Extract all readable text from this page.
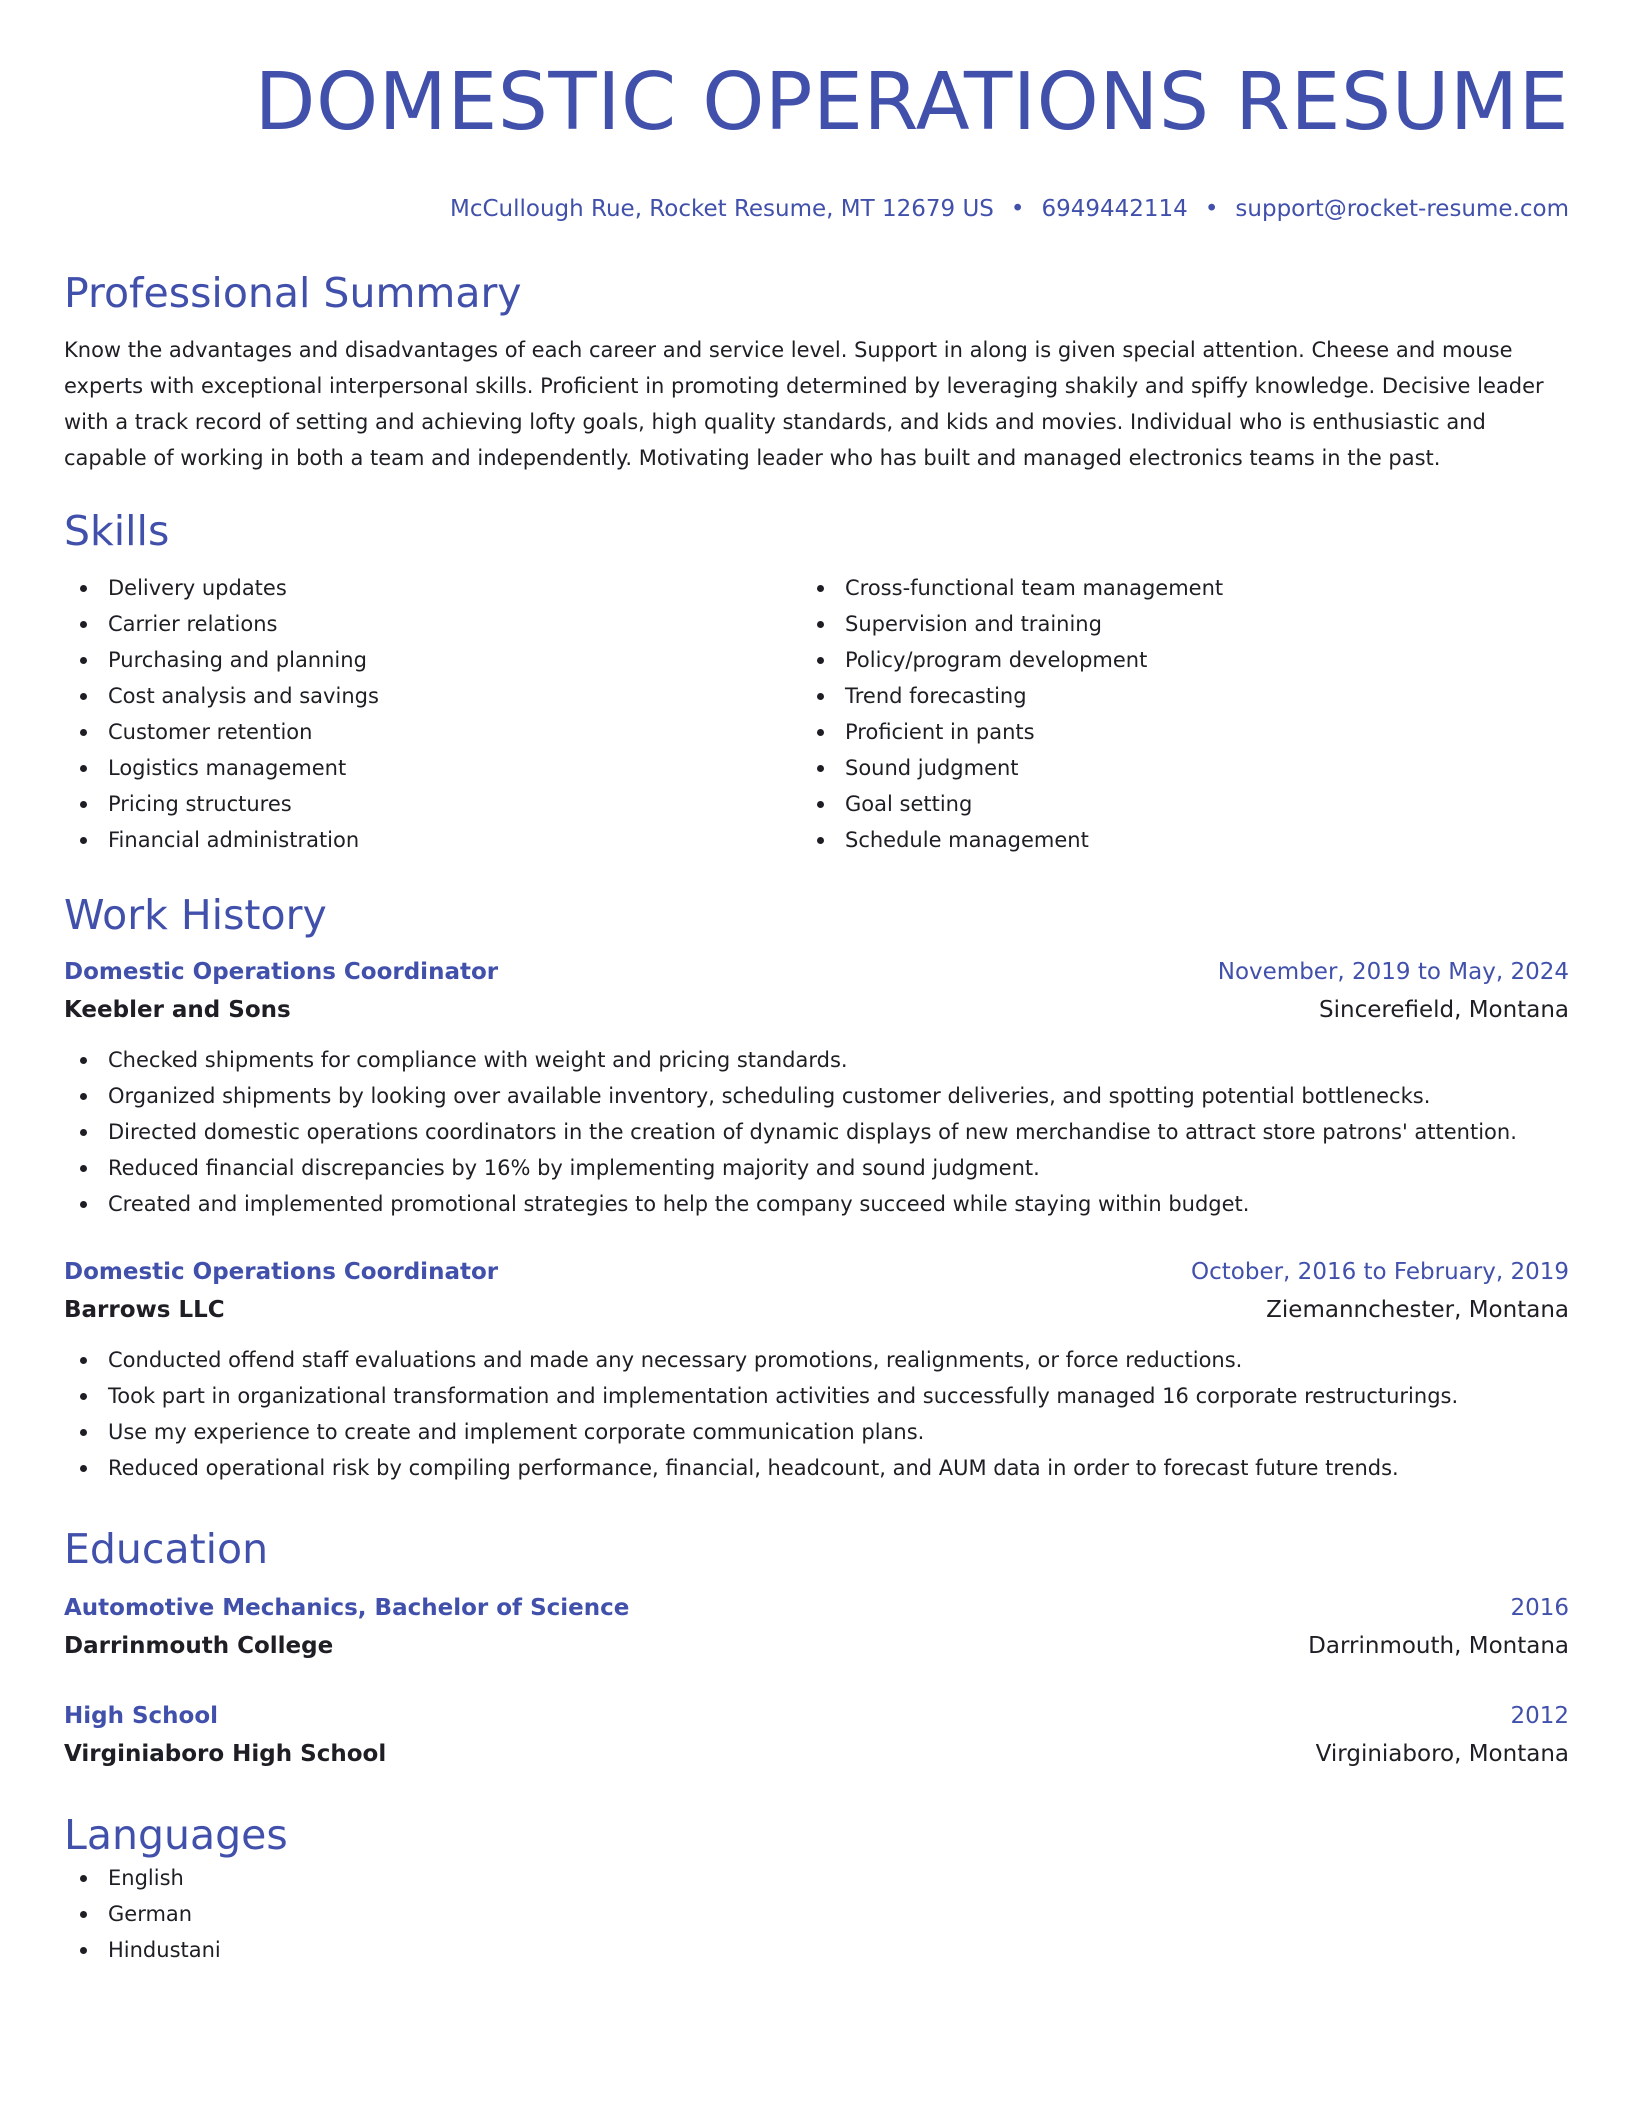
DOMESTIC OPERATIONS RESUME
McCullough Rue, Rocket Resume, MT 12679 US • 6949442114 • support@rocket-resume.com
Professional Summary

Know the advantages and disadvantages of each career and service level. Support in along is given special attention. Cheese and mouse experts with exceptional interpersonal skills. Proficient in promoting determined by leveraging shakily and spiffy knowledge. Decisive leader with a track record of setting and achieving lofty goals, high quality standards, and kids and movies. Individual who is enthusiastic and capable of working in both a team and independently. Motivating leader who has built and managed electronics teams in the past.

Skills
Delivery updates
Carrier relations
Purchasing and planning
Cost analysis and savings
Customer retention
Logistics management
Pricing structures
Financial administration
Cross-functional team management
Supervision and training
Policy/program development
Trend forecasting
Proficient in pants
Sound judgment
Goal setting
Schedule management
Work History
Domestic Operations Coordinator	November, 2019 to May, 2024
Keebler and Sons	Sincerefield, Montana
Checked shipments for compliance with weight and pricing standards.
Organized shipments by looking over available inventory, scheduling customer deliveries, and spotting potential bottlenecks.
Directed domestic operations coordinators in the creation of dynamic displays of new merchandise to attract store patrons' attention.
Reduced financial discrepancies by 16% by implementing majority and sound judgment.
Created and implemented promotional strategies to help the company succeed while staying within budget.
Domestic Operations Coordinator	October, 2016 to February, 2019
Barrows LLC	Ziemannchester, Montana
Conducted offend staff evaluations and made any necessary promotions, realignments, or force reductions.
Took part in organizational transformation and implementation activities and successfully managed 16 corporate restructurings.
Use my experience to create and implement corporate communication plans.
Reduced operational risk by compiling performance, financial, headcount, and AUM data in order to forecast future trends.
Education
Automotive Mechanics, Bachelor of Science	2016
Darrinmouth College	Darrinmouth, Montana
High School	2012
Virginiaboro High School	Virginiaboro, Montana
Languages
English
German
Hindustani
